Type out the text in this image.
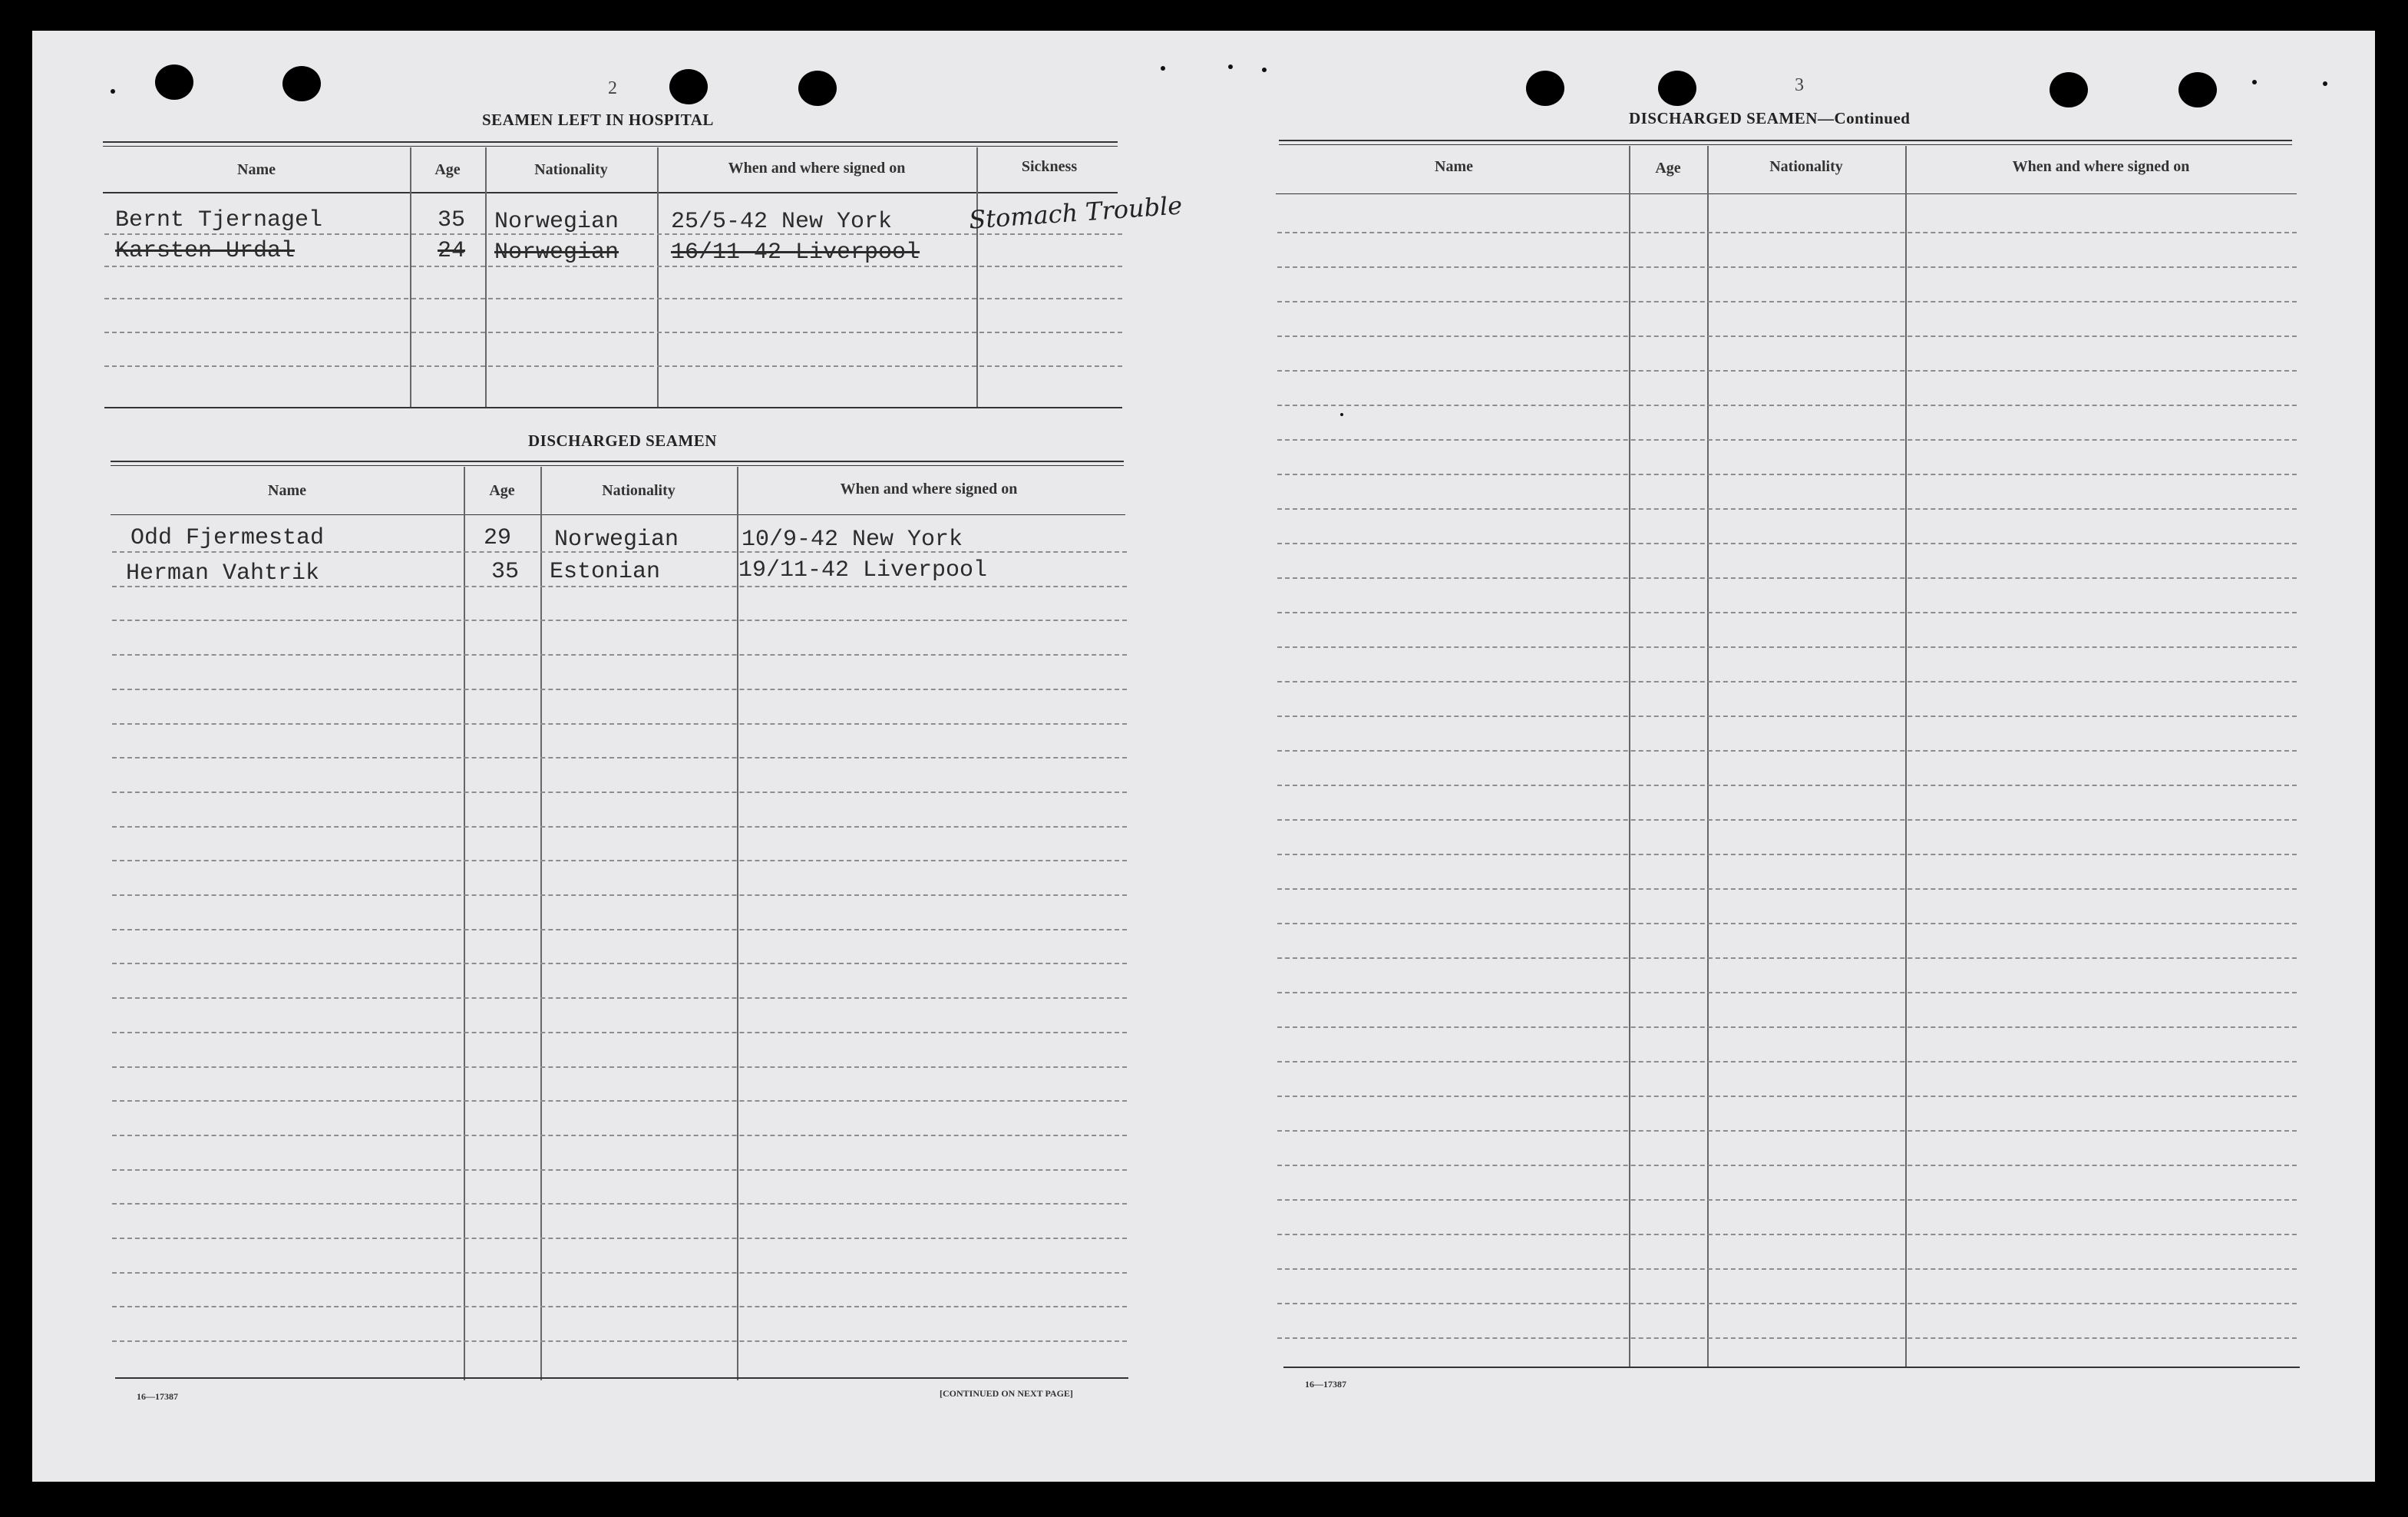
2
SEAMEN LEFT IN HOSPITAL
Name	Age	Nationality	When and where signed on	Sickness
Bernt Tjernagel	35 Norwegian 25/5-42 New York	Stomach Trouble
Karsten Urdal	24 Norwegian 16/11-42 Liverpool
DISCHARGED SEAMEN
Name	Age	Nationality	When and where signed on
Odd Fjermestad	29 Norwegian	10/9-42 New York
Herman Vahtrik	35 Estonian	19/11-42 Liverpool
16—17387	[CONTINUED ON NEXT PAGE]
3
DISCHARGED SEAMEN—Continued
Name	Age	Nationality	When and where signed on
16—17387
